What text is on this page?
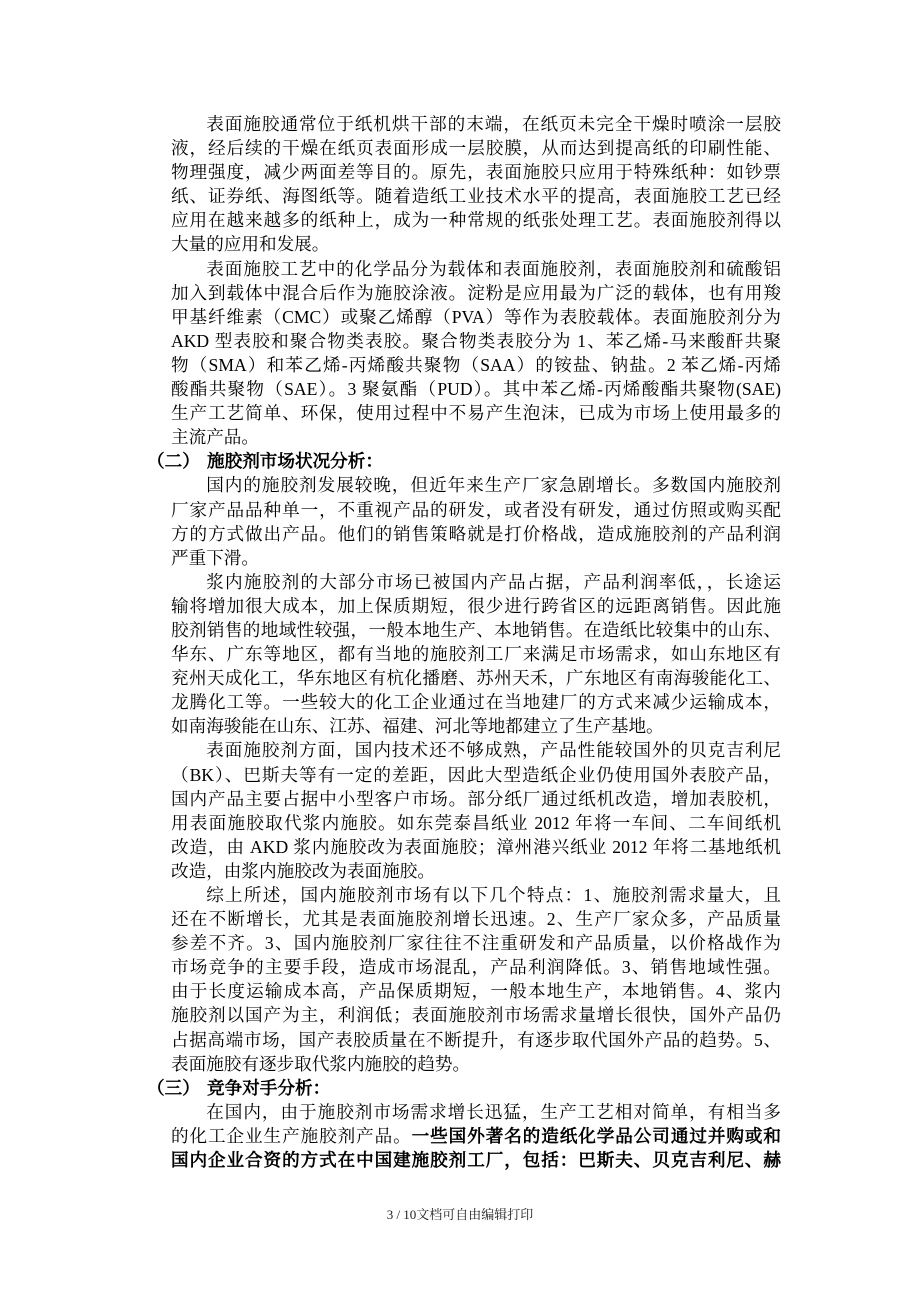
表面施胶通常位于纸机烘干部的末端，在纸页未完全干燥时喷涂一层胶
液，经后续的干燥在纸页表面形成一层胶膜，从而达到提高纸的印刷性能、
物理强度，减少两面差等目的。原先，表面施胶只应用于特殊纸种：如钞票
纸、证券纸、海图纸等。随着造纸工业技术水平的提高，表面施胶工艺已经
应用在越来越多的纸种上，成为一种常规的纸张处理工艺。表面施胶剂得以
大量的应用和发展。
表面施胶工艺中的化学品分为载体和表面施胶剂，表面施胶剂和硫酸铝
加入到载体中混合后作为施胶涂液。淀粉是应用最为广泛的载体，也有用羧
甲基纤维素（CMC）或聚乙烯醇（PVA）等作为表胶载体。表面施胶剂分为
AKD 型表胶和聚合物类表胶。聚合物类表胶分为 1、苯乙烯-马来酸酐共聚
物（SMA）和苯乙烯-丙烯酸共聚物（SAA）的铵盐、钠盐。2 苯乙烯-丙烯
酸酯共聚物（SAE）。3 聚氨酯（PUD）。其中苯乙烯-丙烯酸酯共聚物(SAE)
生产工艺简单、环保，使用过程中不易产生泡沫，已成为市场上使用最多的
主流产品。
（二） 施胶剂市场状况分析：
国内的施胶剂发展较晚，但近年来生产厂家急剧增长。多数国内施胶剂
厂家产品品种单一，不重视产品的研发，或者没有研发，通过仿照或购买配
方的方式做出产品。他们的销售策略就是打价格战，造成施胶剂的产品利润
严重下滑。
浆内施胶剂的大部分市场已被国内产品占据，产品利润率低，，长途运
输将增加很大成本，加上保质期短，很少进行跨省区的远距离销售。因此施
胶剂销售的地域性较强，一般本地生产、本地销售。在造纸比较集中的山东、
华东、广东等地区，都有当地的施胶剂工厂来满足市场需求，如山东地区有
兖州天成化工，华东地区有杭化播磨、苏州天禾，广东地区有南海骏能化工、
龙腾化工等。一些较大的化工企业通过在当地建厂的方式来减少运输成本，
如南海骏能在山东、江苏、福建、河北等地都建立了生产基地。
表面施胶剂方面，国内技术还不够成熟，产品性能较国外的贝克吉利尼
（BK）、巴斯夫等有一定的差距，因此大型造纸企业仍使用国外表胶产品，
国内产品主要占据中小型客户市场。部分纸厂通过纸机改造，增加表胶机，
用表面施胶取代浆内施胶。如东莞泰昌纸业 2012 年将一车间、二车间纸机
改造，由 AKD 浆内施胶改为表面施胶；漳州港兴纸业 2012 年将二基地纸机
改造，由浆内施胶改为表面施胶。
综上所述，国内施胶剂市场有以下几个特点：1、施胶剂需求量大，且
还在不断增长，尤其是表面施胶剂增长迅速。2、生产厂家众多，产品质量
参差不齐。3、国内施胶剂厂家往往不注重研发和产品质量，以价格战作为
市场竞争的主要手段，造成市场混乱，产品利润降低。3、销售地域性强。
由于长度运输成本高，产品保质期短，一般本地生产，本地销售。4、浆内
施胶剂以国产为主，利润低；表面施胶剂市场需求量增长很快，国外产品仍
占据高端市场，国产表胶质量在不断提升，有逐步取代国外产品的趋势。5、
表面施胶有逐步取代浆内施胶的趋势。
（三） 竞争对手分析：
在国内，由于施胶剂市场需求增长迅猛，生产工艺相对简单，有相当多
的化工企业生产施胶剂产品。一些国外著名的造纸化学品公司通过并购或和
国内企业合资的方式在中国建施胶剂工厂，包括：巴斯夫、贝克吉利尼、赫
3 / 10文档可自由编辑打印
